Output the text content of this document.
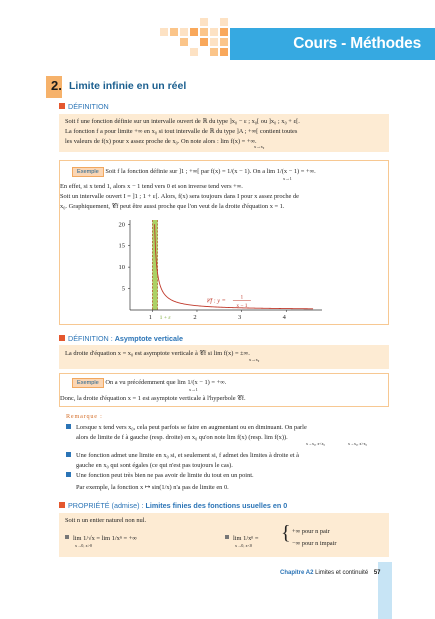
Cours - Méthodes
2. Limite infinie en un réel
DÉFINITION

Soit f une fonction définie sur un intervalle ouvert de ℝ du type ]x₀ − ε ; x₀[ ou ]x₀ ; x₀ + ε[.

La fonction f a pour limite +∞ en x₀ si tout intervalle de ℝ du type ]A ; +∞[ contient toutes

les valeurs de f(x) pour x assez proche de x₀. On note alors : lim f(x) = +∞.

x→x₀

Exemple Soit f la fonction définie sur ]1 ; +∞[ par f(x) = 1/(x − 1). On a lim 1/(x − 1) = +∞.

x→1

En effet, si x tend 1, alors x − 1 tend vers 0 et son inverse tend vers +∞.

Soit un intervalle ouvert I = ]1 ; 1 + ε[. Alors, f(x) sera toujours dans I pour x assez proche de

x₀. Graphiquement, 𝒞f peut être aussi proche que l'on veut de la droite d'équation x = 1.

5
10
15
20
1	2	3	4
1 + ε
𝒞f : y =	1
x − 1
DÉFINITION : Asymptote verticale

La droite d'équation x = x₀ est asymptote verticale à 𝒞f si lim f(x) = ±∞.

x→x₀

Exemple On a vu précédemment que lim 1/(x − 1) = +∞.

x→1

Donc, la droite d'équation x = 1 est asymptote verticale à l'hyperbole 𝒞f.

Remarque :

Lorsque x tend vers x₀, cela peut parfois se faire en augmentant ou en diminuant. On parle

alors de limite de f à gauche (resp. droite) en x₀ qu'on note lim f(x) (resp. lim f(x)).

x→x₀, x<x₀	x→x₀, x>x₀

Une fonction admet une limite en x₀ si, et seulement si, f admet des limites à droite et à

gauche en x₀ qui sont égales (ce qui n'est pas toujours le cas).

Une fonction peut très bien ne pas avoir de limite du tout en un point.

Par exemple, la fonction x ↦ sin(1/x) n'a pas de limite en 0.

PROPRIÉTÉ (admise) : Limites finies des fonctions usuelles en 0

Soit n un entier naturel non nul.

lim 1/√x = lim 1/xⁿ = +∞

x→0, x>0

lim 1/xⁿ =

x→0, x<0

{ +∞ pour n pair

−∞ pour n impair

Chapitre A2 Limites et continuité 57
